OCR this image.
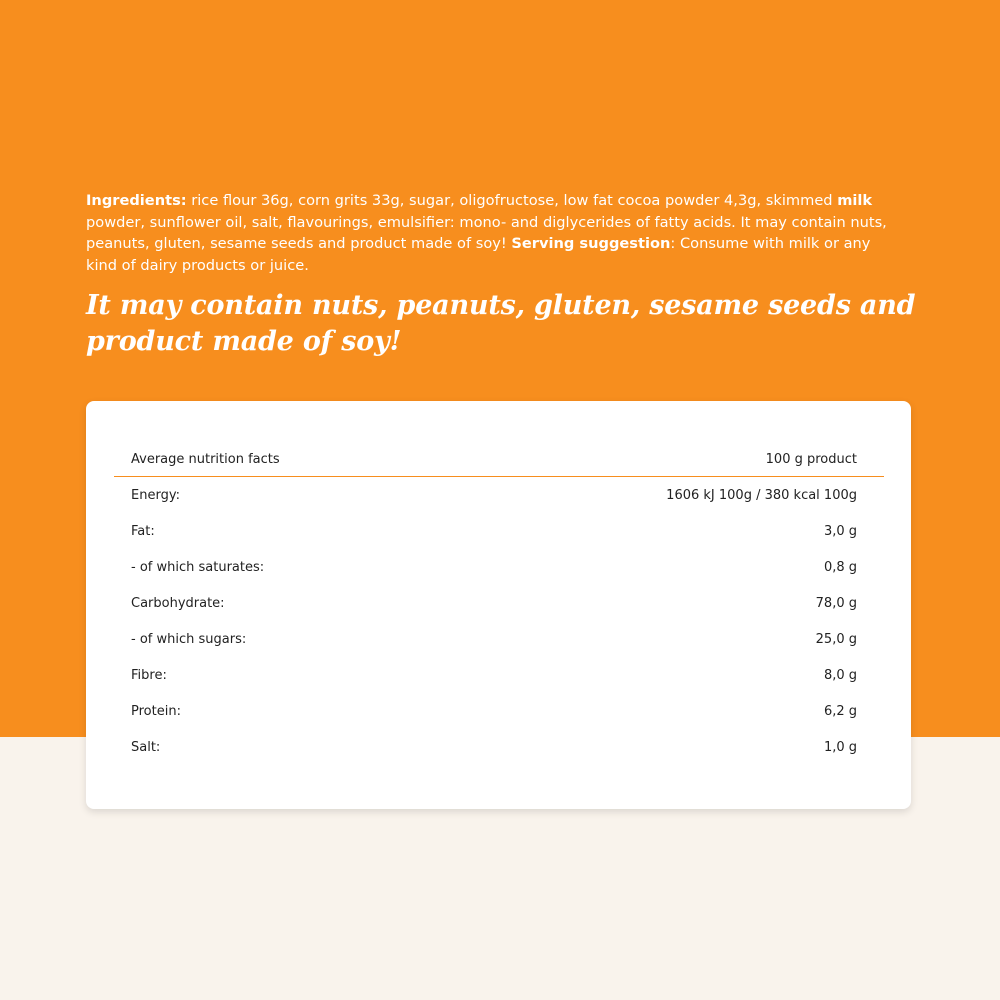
Ingredients: rice flour 36g, corn grits 33g, sugar, oligofructose, low fat cocoa powder 4,3g, skimmed milk powder, sunflower oil, salt, flavourings, emulsifier: mono- and diglycerides of fatty acids. It may contain nuts, peanuts, gluten, sesame seeds and product made of soy! Serving suggestion: Consume with milk or any kind of dairy products or juice.

It may contain nuts, peanuts, gluten, sesame seeds and product made of soy!
Average nutrition facts	100 g product
Energy:	1606 kJ 100g / 380 kcal 100g
Fat:	3,0 g
- of which saturates:	0,8 g
Carbohydrate:	78,0 g
- of which sugars:	25,0 g
Fibre:	8,0 g
Protein:	6,2 g
Salt:	1,0 g
